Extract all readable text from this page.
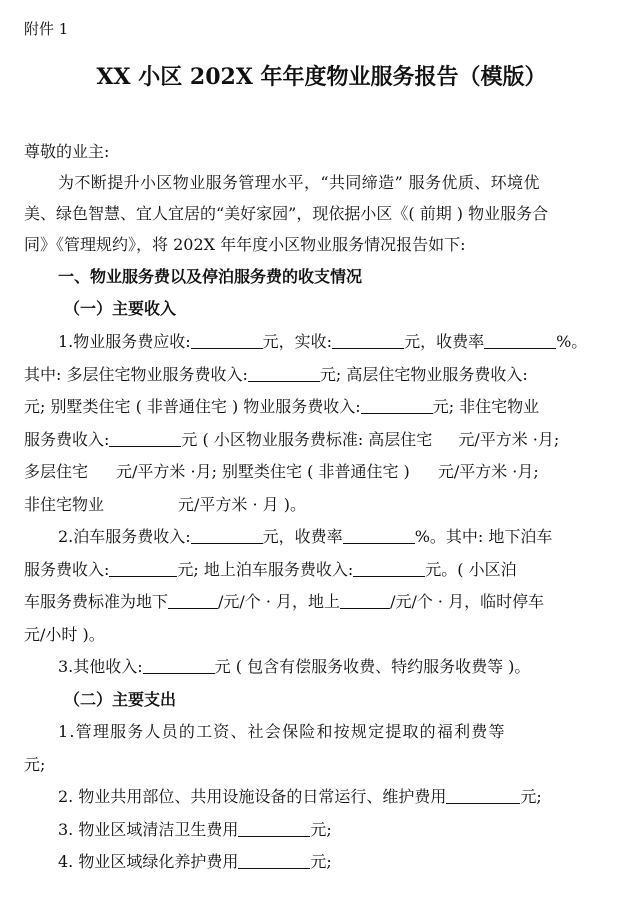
附件 1
XX 小区 202X 年年度物业服务报告（模版）
尊敬的业主:
为不断提升小区物业服务管理水平，“共同缔造” 服务优质、环境优
美、绿色智慧、宜人宜居的“美好家园”，现依据小区《( 前期 ) 物业服务合
同》《管理规约》，将 202X 年年度小区物业服务情况报告如下:
一、物业服务费以及停泊服务费的收支情况
（一）主要收入
1.物业服务费应收:	元，实收:	元，收费率	%。
其中: 多层住宅物业服务费收入:	元; 高层住宅物业服务费收入:
元; 别墅类住宅 ( 非普通住宅 ) 物业服务费收入:	元; 非住宅物业
服务费收入:	元 ( 小区物业服务费标准: 高层住宅 元/平方米 ·月;
多层住宅 元/平方米 ·月; 别墅类住宅 ( 非普通住宅 ) 元/平方米 ·月;
非住宅物业	元/平方米 · 月 )。
2.泊车服务费收入:	元，收费率	%。其中: 地下泊车
服务费收入:	元; 地上泊车服务费收入:	元。( 小区泊
车服务费标准为地下	/元/个 · 月，地上	/元/个 · 月，临时停车
元/小时 )。
3.其他收入:	元 ( 包含有偿服务收费、特约服务收费等 )。
（二）主要支出
1.管理服务人员的工资、社会保险和按规定提取的福利费等
元;
2. 物业共用部位、共用设施设备的日常运行、维护费用	元;
3. 物业区域清洁卫生费用	元;
4. 物业区域绿化养护费用	元;
